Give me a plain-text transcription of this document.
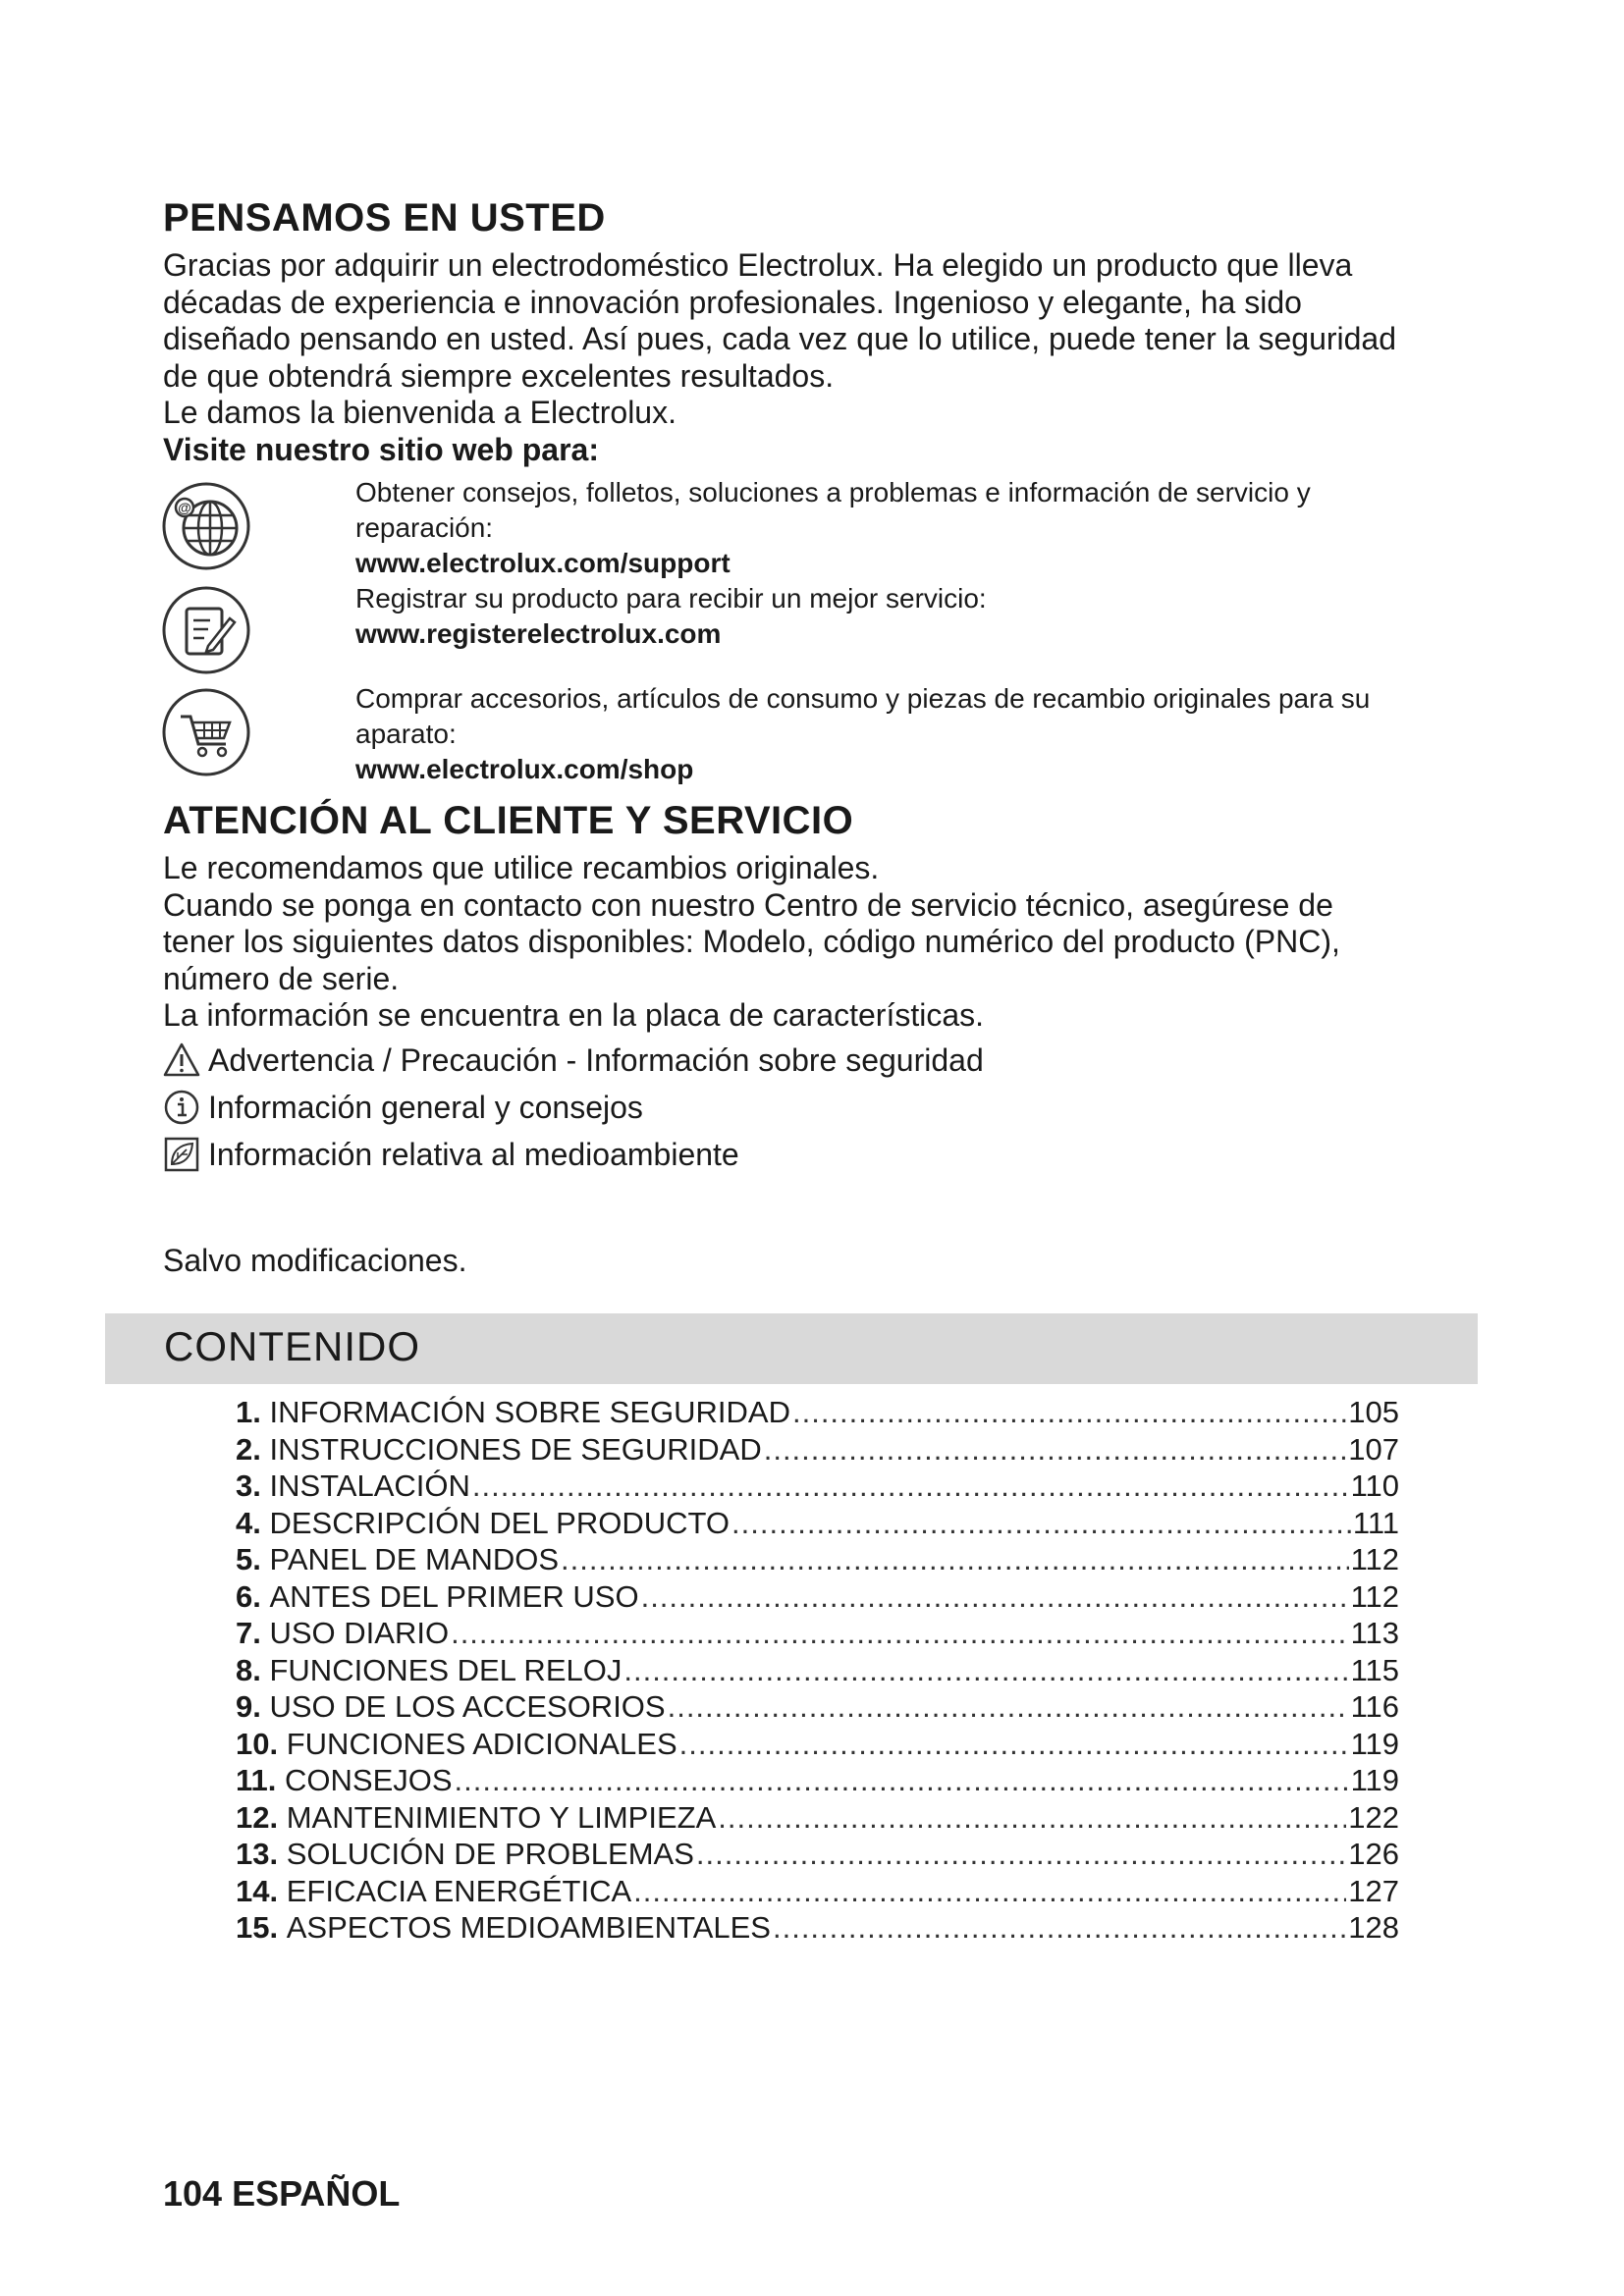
PENSAMOS EN USTED
Gracias por adquirir un electrodoméstico Electrolux. Ha elegido un producto que lleva
décadas de experiencia e innovación profesionales. Ingenioso y elegante, ha sido
diseñado pensando en usted. Así pues, cada vez que lo utilice, puede tener la seguridad
de que obtendrá siempre excelentes resultados.
Le damos la bienvenida a Electrolux.
Visite nuestro sitio web para:
@	Obtener consejos, folletos, soluciones a problemas e información de servicio y
reparación:
www.electrolux.com/support
Registrar su producto para recibir un mejor servicio:
www.registerelectrolux.com
Comprar accesorios, artículos de consumo y piezas de recambio originales para su
aparato:
www.electrolux.com/shop
ATENCIÓN AL CLIENTE Y SERVICIO
Le recomendamos que utilice recambios originales.
Cuando se ponga en contacto con nuestro Centro de servicio técnico, asegúrese de
tener los siguientes datos disponibles: Modelo, código numérico del producto (PNC),
número de serie.
La información se encuentra en la placa de características.
Advertencia / Precaución - Información sobre seguridad
Información general y consejos
Información relativa al medioambiente
Salvo modificaciones.
CONTENIDO
1.
INFORMACIÓN SOBRE SEGURIDAD .....	105
2.
INSTRUCCIONES DE SEGURIDAD .....	107
3.
INSTALACIÓN .....	110
4.
DESCRIPCIÓN DEL PRODUCTO .....	111
5.
PANEL DE MANDOS .....	112
6.
ANTES DEL PRIMER USO .....	112
7.
USO DIARIO .....	113
8.
FUNCIONES DEL RELOJ .....	115
9.
USO DE LOS ACCESORIOS .....	116
10.
FUNCIONES ADICIONALES .....	119
11.
CONSEJOS .....	119
12.
MANTENIMIENTO Y LIMPIEZA .....	122
13.
SOLUCIÓN DE PROBLEMAS .....	126
14.
EFICACIA ENERGÉTICA .....	127
15.
ASPECTOS MEDIOAMBIENTALES .....	128
104 ESPAÑOL
